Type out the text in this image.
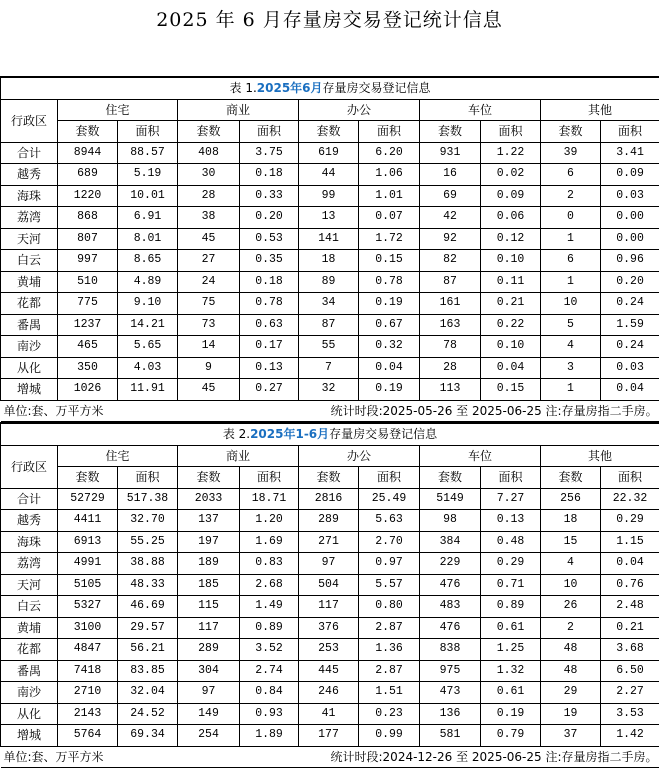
2025 年 6 月存量房交易登记统计信息
表 1.2025年6月存量房交易登记信息										
行政区	住宅		商业		办公		车位		其他	
	套数	面积	套数	面积	套数	面积	套数	面积	套数	面积
合计	8944	88.57	408	3.75	619	6.20	931	1.22	39	3.41
越秀	689	5.19	30	0.18	44	1.06	16	0.02	6	0.09
海珠	1220	10.01	28	0.33	99	1.01	69	0.09	2	0.03
荔湾	868	6.91	38	0.20	13	0.07	42	0.06	0	0.00
天河	807	8.01	45	0.53	141	1.72	92	0.12	1	0.00
白云	997	8.65	27	0.35	18	0.15	82	0.10	6	0.96
黄埔	510	4.89	24	0.18	89	0.78	87	0.11	1	0.20
花都	775	9.10	75	0.78	34	0.19	161	0.21	10	0.24
番禺	1237	14.21	73	0.63	87	0.67	163	0.22	5	1.59
南沙	465	5.65	14	0.17	55	0.32	78	0.10	4	0.24
从化	350	4.03	9	0.13	7	0.04	28	0.04	3	0.03
增城	1026	11.91	45	0.27	32	0.19	113	0.15	1	0.04

单位:套、万平方米 统计时段:2025-05-26 至 2025-06-25 注:存量房指二手房。										
表 2.2025年1-6月存量房交易登记信息										
行政区	住宅		商业		办公		车位		其他	
	套数	面积	套数	面积	套数	面积	套数	面积	套数	面积
合计	52729	517.38	2033	18.71	2816	25.49	5149	7.27	256	22.32
越秀	4411	32.70	137	1.20	289	5.63	98	0.13	18	0.29
海珠	6913	55.25	197	1.69	271	2.70	384	0.48	15	1.15
荔湾	4991	38.88	189	0.83	97	0.97	229	0.29	4	0.04
天河	5105	48.33	185	2.68	504	5.57	476	0.71	10	0.76
白云	5327	46.69	115	1.49	117	0.80	483	0.89	26	2.48
黄埔	3100	29.57	117	0.89	376	2.87	476	0.61	2	0.21
花都	4847	56.21	289	3.52	253	1.36	838	1.25	48	3.68
番禺	7418	83.85	304	2.74	445	2.87	975	1.32	48	6.50
南沙	2710	32.04	97	0.84	246	1.51	473	0.61	29	2.27
从化	2143	24.52	149	0.93	41	0.23	136	0.19	19	3.53
增城	5764	69.34	254	1.89	177	0.99	581	0.79	37	1.42

单位:套、万平方米 统计时段:2024-12-26 至 2025-06-25 注:存量房指二手房。										
